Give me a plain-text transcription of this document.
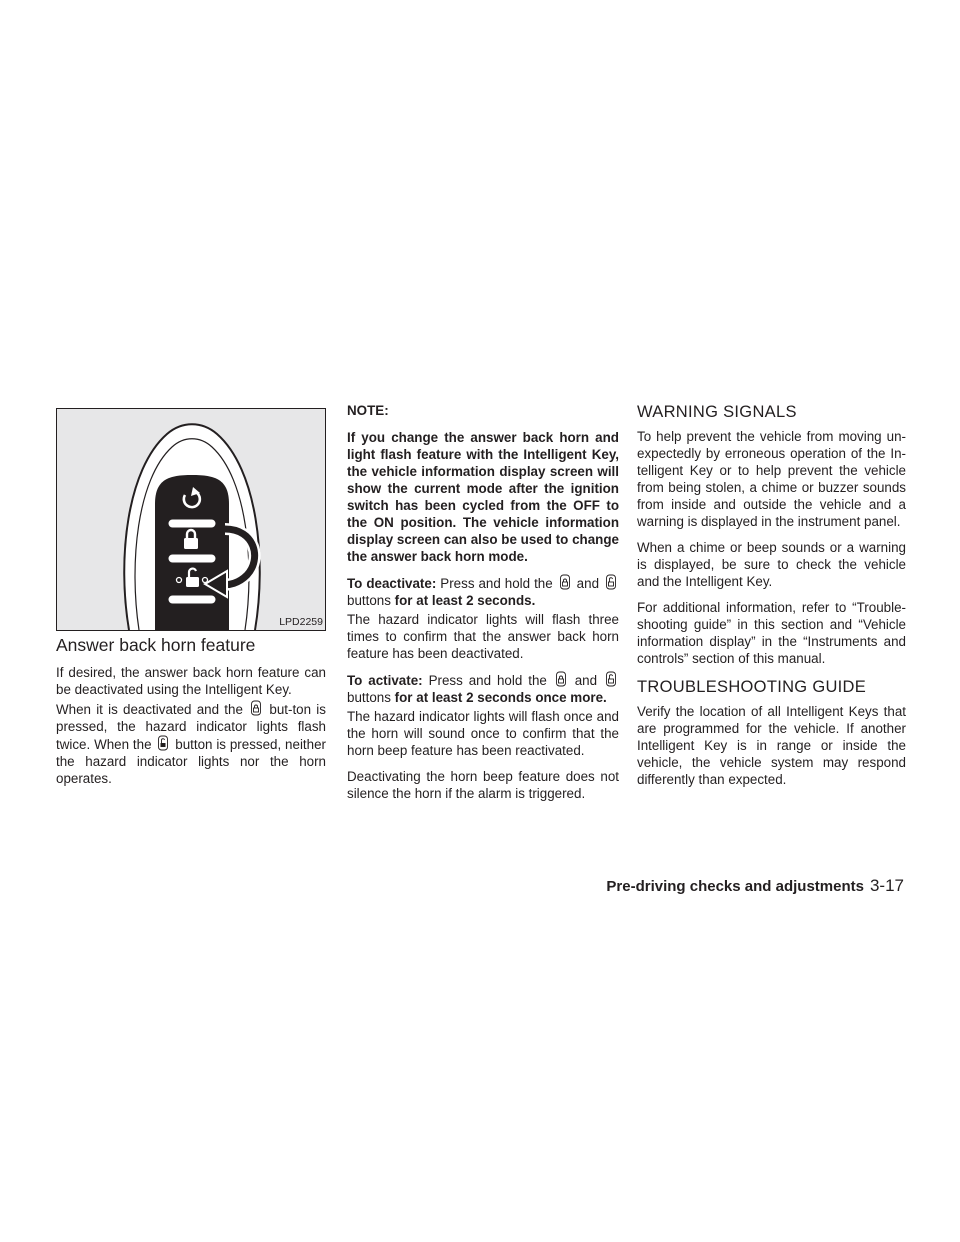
LPD2259
Answer back horn feature

If desired, the answer back horn feature can be deactivated using the Intelligent Key.

When it is deactivated and the but-ton is pressed, the hazard indicator lights flash twice. When the button is pressed, neither the hazard indicator lights nor the horn operates.

NOTE:

If you change the answer back horn and light flash feature with the Intelligent Key, the vehicle information display screen will show the current mode after the ignition switch has been cycled from the OFF to the ON position. The vehicle information display screen can also be used to change the answer back horn mode.

To deactivate: Press and hold the and
buttons for at least 2 seconds.

The hazard indicator lights will flash three times to confirm that the answer back horn feature has been deactivated.

To activate: Press and hold the and
buttons for at least 2 seconds once more.

The hazard indicator lights will flash once and the horn will sound once to confirm that the horn beep feature has been reactivated.

Deactivating the horn beep feature does not silence the horn if the alarm is triggered.

WARNING SIGNALS

To help prevent the vehicle from moving un-expectedly by erroneous operation of the In-telligent Key or to help prevent the vehicle from being stolen, a chime or buzzer sounds from inside and outside the vehicle and a warning is displayed in the instrument panel.

When a chime or beep sounds or a warning is displayed, be sure to check the vehicle and the Intelligent Key.

For additional information, refer to “Trouble-shooting guide” in this section and “Vehicle information display” in the “Instruments and controls” section of this manual.

TROUBLESHOOTING GUIDE

Verify the location of all Intelligent Keys that are programmed for the vehicle. If another Intelligent Key is in range or inside the vehicle, the vehicle system may respond differently than expected.

Pre-driving checks and adjustments 3-17
